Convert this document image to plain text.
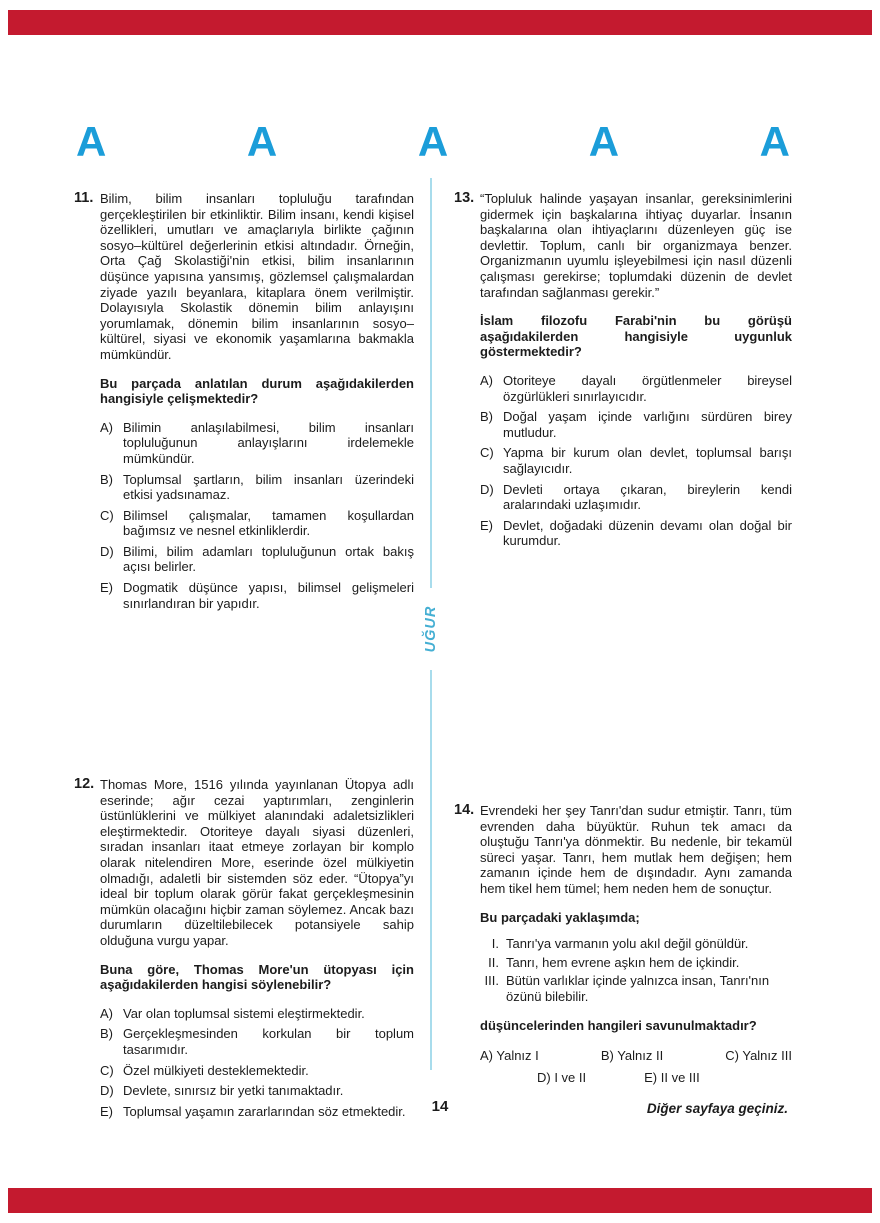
A	A	A	A	A
UĞUR
11. Bilim, bilim insanları topluluğu tarafından gerçekleştirilen bir etkinliktir. Bilim insanı, kendi kişisel özellikleri, umutları ve amaçlarıyla birlikte çağının sosyo–kültürel değerlerinin etkisi altındadır. Örneğin, Orta Çağ Skolastiği'nin etkisi, bilim insanlarının düşünce yapısına yansımış, gözlemsel çalışmalardan ziyade yazılı beyanlara, kitaplara önem verilmiştir. Dolayısıyla Skolastik dönemin bilim anlayışını yorumlamak, dönemin bilim insanlarının sosyo–kültürel, siyasi ve ekonomik yaşamlarına bakmakla mümkündür.
Bu parçada anlatılan durum aşağıdakilerden hangisiyle çelişmektedir?
A) Bilimin anlaşılabilmesi, bilim insanları topluluğunun anlayışlarını irdelemekle mümkündür.
B) Toplumsal şartların, bilim insanları üzerindeki etkisi yadsınamaz.
C) Bilimsel çalışmalar, tamamen koşullardan bağımsız ve nesnel etkinliklerdir.
D) Bilimi, bilim adamları topluluğunun ortak bakış açısı belirler.
E) Dogmatik düşünce yapısı, bilimsel gelişmeleri sınırlandıran bir yapıdır.
12. Thomas More, 1516 yılında yayınlanan Ütopya adlı eserinde; ağır cezai yaptırımları, zenginlerin üstünlüklerini ve mülkiyet alanındaki adaletsizlikleri eleştirmektedir. Otoriteye dayalı siyasi düzenleri, sıradan insanları itaat etmeye zorlayan bir komplo olarak nitelendiren More, eserinde özel mülkiyetin olmadığı, adaletli bir sistemden söz eder. “Ütopya”yı ideal bir toplum olarak görür fakat gerçekleşmesinin mümkün olacağını hiçbir zaman söylemez. Ancak bazı durumların düzeltilebilecek potansiyele sahip olduğuna vurgu yapar.
Buna göre, Thomas More'un ütopyası için aşağıdakilerden hangisi söylenebilir?
A) Var olan toplumsal sistemi eleştirmektedir.
B) Gerçekleşmesinden korkulan bir toplum tasarımıdır.
C) Özel mülkiyeti desteklemektedir.
D) Devlete, sınırsız bir yetki tanımaktadır.
E) Toplumsal yaşamın zararlarından söz etmektedir.
13. “Topluluk halinde yaşayan insanlar, gereksinimlerini gidermek için başkalarına ihtiyaç duyarlar. İnsanın başkalarına olan ihtiyaçlarını düzenleyen güç ise devlettir. Toplum, canlı bir organizmaya benzer. Organizmanın uyumlu işleyebilmesi için nasıl düzenli çalışması gerekirse; toplumdaki düzenin de devlet tarafından sağlanması gerekir.”
İslam filozofu Farabi'nin bu görüşü aşağıdakilerden hangisiyle uygunluk göstermektedir?
A) Otoriteye dayalı örgütlenmeler bireysel özgürlükleri sınırlayıcıdır.
B) Doğal yaşam içinde varlığını sürdüren birey mutludur.
C) Yapma bir kurum olan devlet, toplumsal barışı sağlayıcıdır.
D) Devleti ortaya çıkaran, bireylerin kendi aralarındaki uzlaşımıdır.
E) Devlet, doğadaki düzenin devamı olan doğal bir kurumdur.
14. Evrendeki her şey Tanrı'dan sudur etmiştir. Tanrı, tüm evrenden daha büyüktür. Ruhun tek amacı da oluştuğu Tanrı'ya dönmektir. Bu nedenle, bir tekamül süreci yaşar. Tanrı, hem mutlak hem değişen; hem zamanın içinde hem de dışındadır. Aynı zamanda hem tikel hem tümel; hem neden hem de sonuçtur.
Bu parçadaki yaklaşımda;
I. Tanrı'ya varmanın yolu akıl değil gönüldür.
II. Tanrı, hem evrene aşkın hem de içkindir.
III. Bütün varlıklar içinde yalnızca insan, Tanrı'nın özünü bilebilir.
düşüncelerinden hangileri savunulmaktadır?
A) Yalnız I	B) Yalnız II	C) Yalnız III
D) I ve II	E) II ve III
14	Diğer sayfaya geçiniz.
